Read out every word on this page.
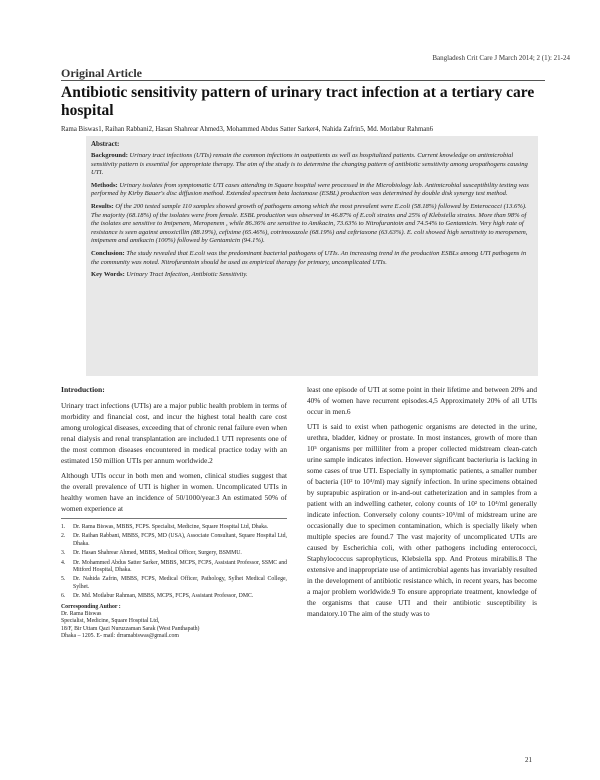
Bangladesh Crit Care J March 2014; 2 (1): 21-24
Original Article
Antibiotic sensitivity pattern of urinary tract infection at a tertiary care hospital
Rama Biswas1, Raihan Rabbani2, Hasan Shahrear Ahmed3, Mohammed Abdus Satter Sarker4, Nahida Zafrin5, Md. Motlabur Rahman6
Abstract:

Background: Urinary tract infections (UTIs) remain the common infections in outpatients as well as hospitalized patients. Current knowledge on antimicrobial sensitivity pattern is essential for appropriate therapy. The aim of the study is to determine the changing pattern of antibiotic sensitivity among uropathogens causing UTI.

Methods: Urinary isolates from symptomatic UTI cases attending in Square hospital were processed in the Microbiology lab. Antimicrobial susceptibility testing was performed by Kirby Bauer's disc diffusion method. Extended spectrum beta lactamase (ESBL) production was determined by double disk synergy test method.

Results: Of the 200 tested sample 110 samples showed growth of pathogens among which the most prevalent were E.coli (58.18%) followed by Enterococci (13.6%). The majority (68.18%) of the isolates were from female. ESBL production was observed in 46.87% of E.coli strains and 25% of Klebsiella strains. More than 98% of the isolates are sensitive to Imipenem, Meropenem , while 86.36% are sensitive to Amikacin, 73.63% to Nitrofurantoin and 74.54% to Gentamicin. Very high rate of resistance is seen against amoxicillin (88.19%), cefixime (65.46%), cotrimoxazole (68.19%) and ceftriaxone (63.63%). E. coli showed high sensitivity to meropenem, imipenem and amikacin (100%) followed by Gentamicin (94.1%).

Conclusion: The study revealed that E.coli was the predominant bacterial pathogens of UTIs. An increasing trend in the production ESBLs among UTI pathogens in the community was noted. Nitrofurantoin should be used as empirical therapy for primary, uncomplicated UTIs.

Key Words: Urinary Tract Infection, Antibiotic Sensitivity.

Introduction:

Urinary tract infections (UTIs) are a major public health problem in terms of morbidity and financial cost, and incur the highest total health care cost among urological diseases, exceeding that of chronic renal failure even when renal dialysis and renal transplantation are included.1 UTI represents one of the most common diseases encountered in medical practice today with an estimated 150 million UTIs per annum worldwide.2

Although UTIs occur in both men and women, clinical studies suggest that the overall prevalence of UTI is higher in women. Uncomplicated UTIs in healthy women have an incidence of 50/1000/year.3 An estimated 50% of women experience at

1.	Dr. Rama Biswas, MBBS, FCPS. Specialist, Medicine, Square Hospital Ltd, Dhaka.
2.	Dr. Raihan Rabbani, MBBS, FCPS, MD (USA), Associate Consultant, Square Hospital Ltd, Dhaka.
3.	Dr. Hasan Shahrear Ahmed, MBBS, Medical Officer, Surgery, BSMMU.
4.	Dr. Mohammed Abdus Satter Sarker, MBBS, MCPS, FCPS, Assistant Professor, SSMC and Mitford Hospital, Dhaka.
5.	Dr. Nahida Zafrin, MBBS, FCPS, Medical Officer, Pathology, Sylhet Medical College, Sylhet.
6.	Dr. Md. Motlabur Rahman, MBBS, MCPS, FCPS, Assistant Professor, DMC.
Corresponding Author :
Dr. Rama Biswas
Specialist, Medicine, Square Hospital Ltd,
18/F, Bir Uttam Qazi Nuruzzaman Sarak (West Panthapath)
Dhaka – 1205. E- mail: drramabiswas@gmail.com

least one episode of UTI at some point in their lifetime and between 20% and 40% of women have recurrent episodes.4,5 Approximately 20% of all UTIs occur in men.6

UTI is said to exist when pathogenic organisms are detected in the urine, urethra, bladder, kidney or prostate. In most instances, growth of more than 10⁵ organisms per milliliter from a proper collected midstream clean-catch urine sample indicates infection. However significant bacteriuria is lacking in some cases of true UTI. Especially in symptomatic patients, a smaller number of bacteria (10² to 10⁴/ml) may signify infection. In urine specimens obtained by suprapubic aspiration or in-and-out catheterization and in samples from a patient with an indwelling catheter, colony counts of 10² to 10⁴/ml generally indicate infection. Conversely colony counts>10⁵/ml of midstream urine are occasionally due to specimen contamination, which is specially likely when multiple species are found.7 The vast majority of uncomplicated UTIs are caused by Escherichia coli, with other pathogens including enterococci, Staphylococcus saprophyticus, Klebsiella spp. And Proteus mirabilis.8 The extensive and inappropriate use of antimicrobial agents has invariably resulted in the development of antibiotic resistance which, in recent years, has become a major problem worldwide.9 To ensure appropriate treatment, knowledge of the organisms that cause UTI and their antibiotic susceptibility is mandatory.10 The aim of the study was to

21
